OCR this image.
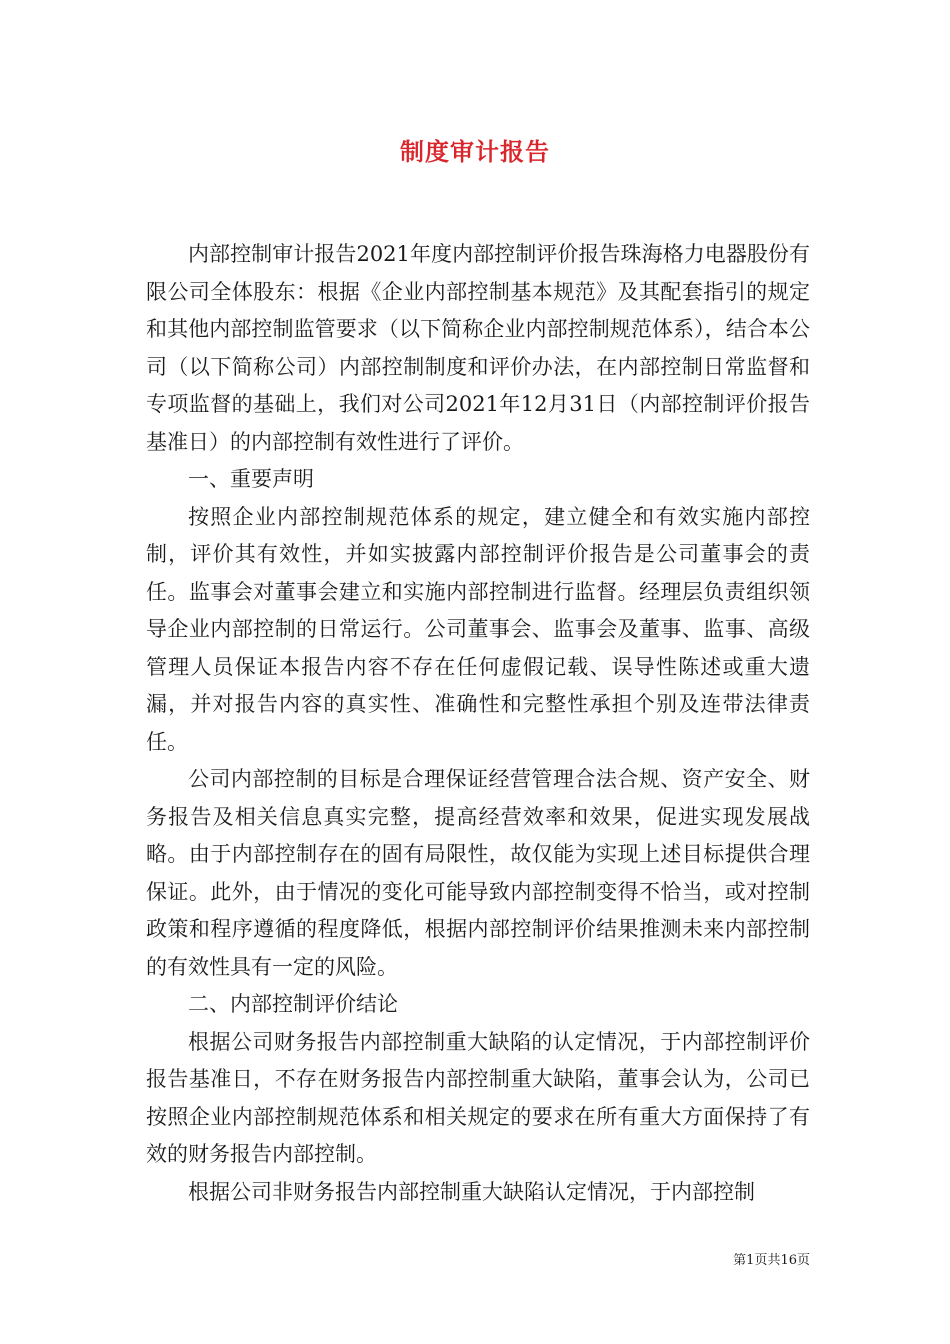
制度审计报告

内部控制审计报告2021年度内部控制评价报告珠海格力电器股份有限公司全体股东：根据《企业内部控制基本规范》及其配套指引的规定和其他内部控制监管要求（以下简称企业内部控制规范体系），结合本公司（以下简称公司）内部控制制度和评价办法，在内部控制日常监督和专项监督的基础上，我们对公司2021年12月31日（内部控制评价报告基准日）的内部控制有效性进行了评价。

一、重要声明

按照企业内部控制规范体系的规定，建立健全和有效实施内部控制，评价其有效性，并如实披露内部控制评价报告是公司董事会的责任。监事会对董事会建立和实施内部控制进行监督。经理层负责组织领导企业内部控制的日常运行。公司董事会、监事会及董事、监事、高级管理人员保证本报告内容不存在任何虚假记载、误导性陈述或重大遗漏，并对报告内容的真实性、准确性和完整性承担个别及连带法律责任。

公司内部控制的目标是合理保证经营管理合法合规、资产安全、财务报告及相关信息真实完整，提高经营效率和效果，促进实现发展战略。由于内部控制存在的固有局限性，故仅能为实现上述目标提供合理保证。此外，由于情况的变化可能导致内部控制变得不恰当，或对控制政策和程序遵循的程度降低，根据内部控制评价结果推测未来内部控制的有效性具有一定的风险。

二、内部控制评价结论

根据公司财务报告内部控制重大缺陷的认定情况，于内部控制评价报告基准日，不存在财务报告内部控制重大缺陷，董事会认为，公司已按照企业内部控制规范体系和相关规定的要求在所有重大方面保持了有效的财务报告内部控制。

根据公司非财务报告内部控制重大缺陷认定情况，于内部控制

第1页共16页
